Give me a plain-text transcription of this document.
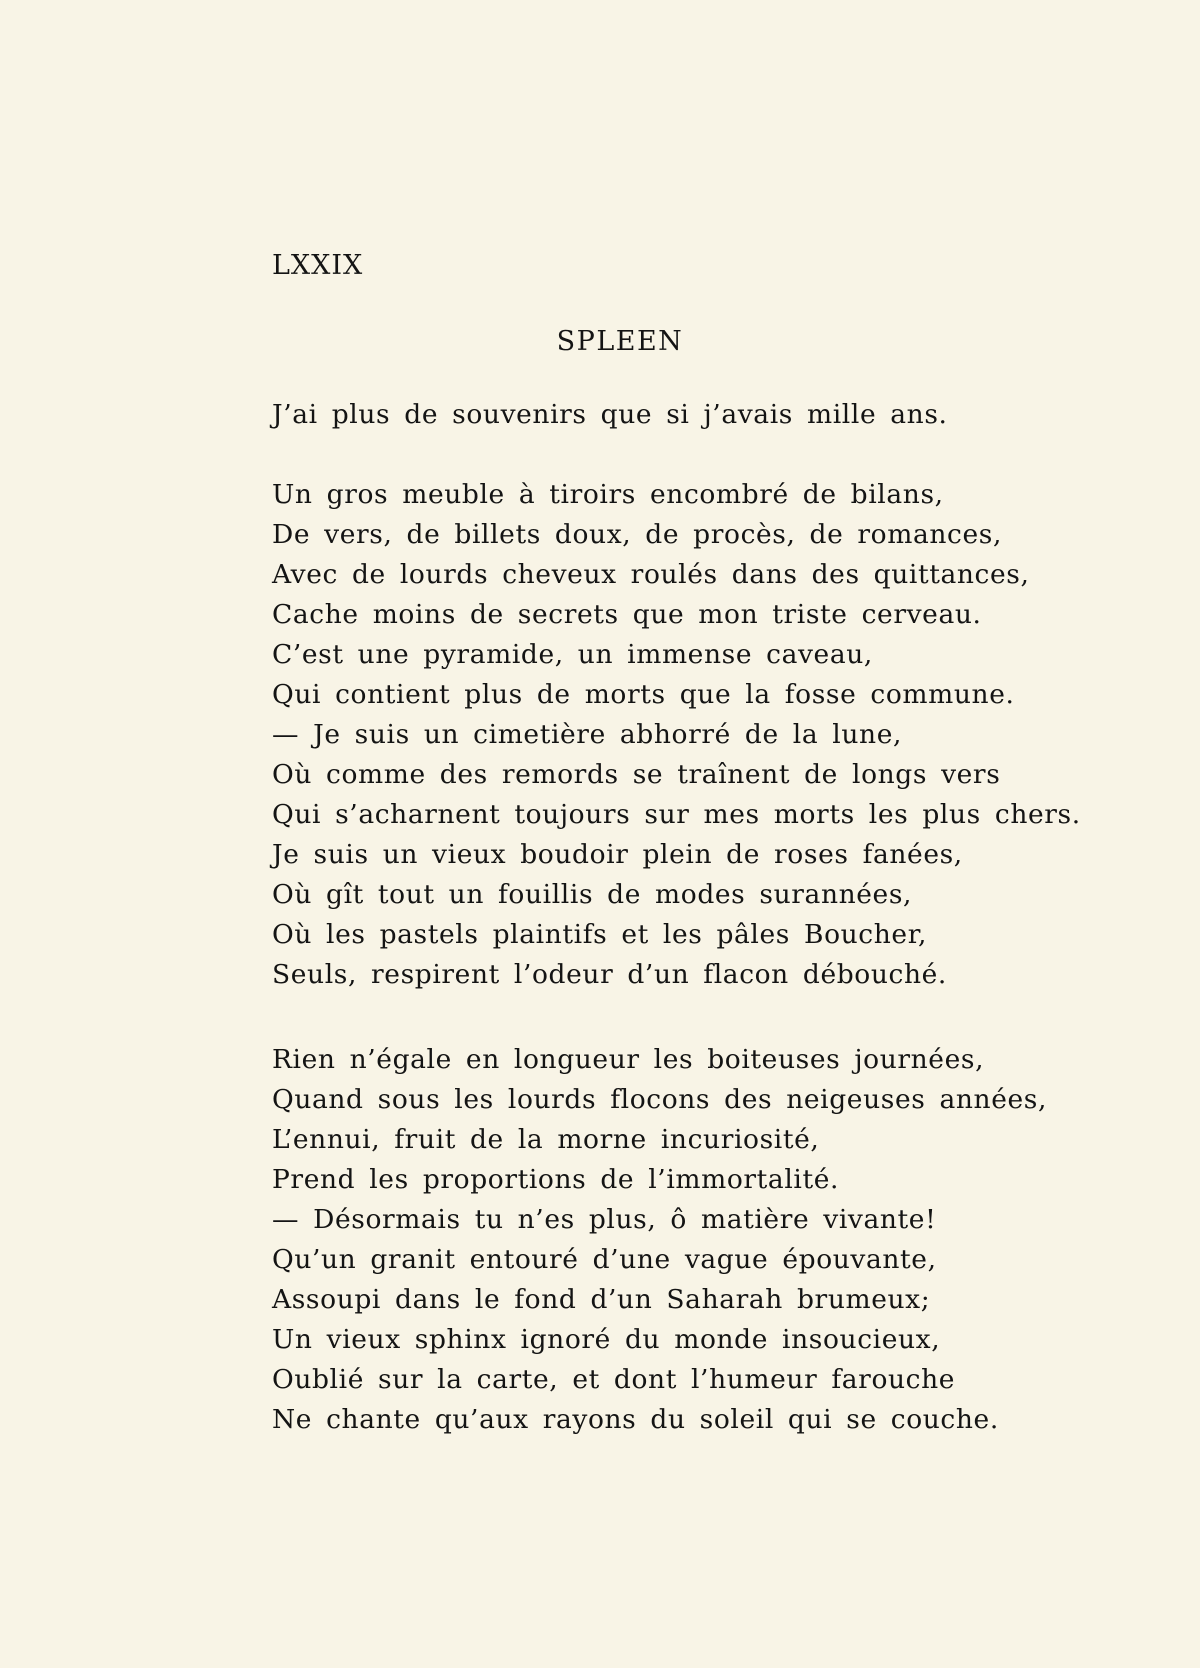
LXXIX
SPLEEN
J’ai plus de souvenirs que si j’avais mille ans.
Un gros meuble à tiroirs encombré de bilans,
De vers, de billets doux, de procès, de romances,
Avec de lourds cheveux roulés dans des quittances,
Cache moins de secrets que mon triste cerveau.
C’est une pyramide, un immense caveau,
Qui contient plus de morts que la fosse commune.
— Je suis un cimetière abhorré de la lune,
Où comme des remords se traînent de longs vers
Qui s’acharnent toujours sur mes morts les plus chers.
Je suis un vieux boudoir plein de roses fanées,
Où gît tout un fouillis de modes surannées,
Où les pastels plaintifs et les pâles Boucher,
Seuls, respirent l’odeur d’un flacon débouché.
Rien n’égale en longueur les boiteuses journées,
Quand sous les lourds flocons des neigeuses années,
L’ennui, fruit de la morne incuriosité,
Prend les proportions de l’immortalité.
— Désormais tu n’es plus, ô matière vivante!
Qu’un granit entouré d’une vague épouvante,
Assoupi dans le fond d’un Saharah brumeux;
Un vieux sphinx ignoré du monde insoucieux,
Oublié sur la carte, et dont l’humeur farouche
Ne chante qu’aux rayons du soleil qui se couche.
